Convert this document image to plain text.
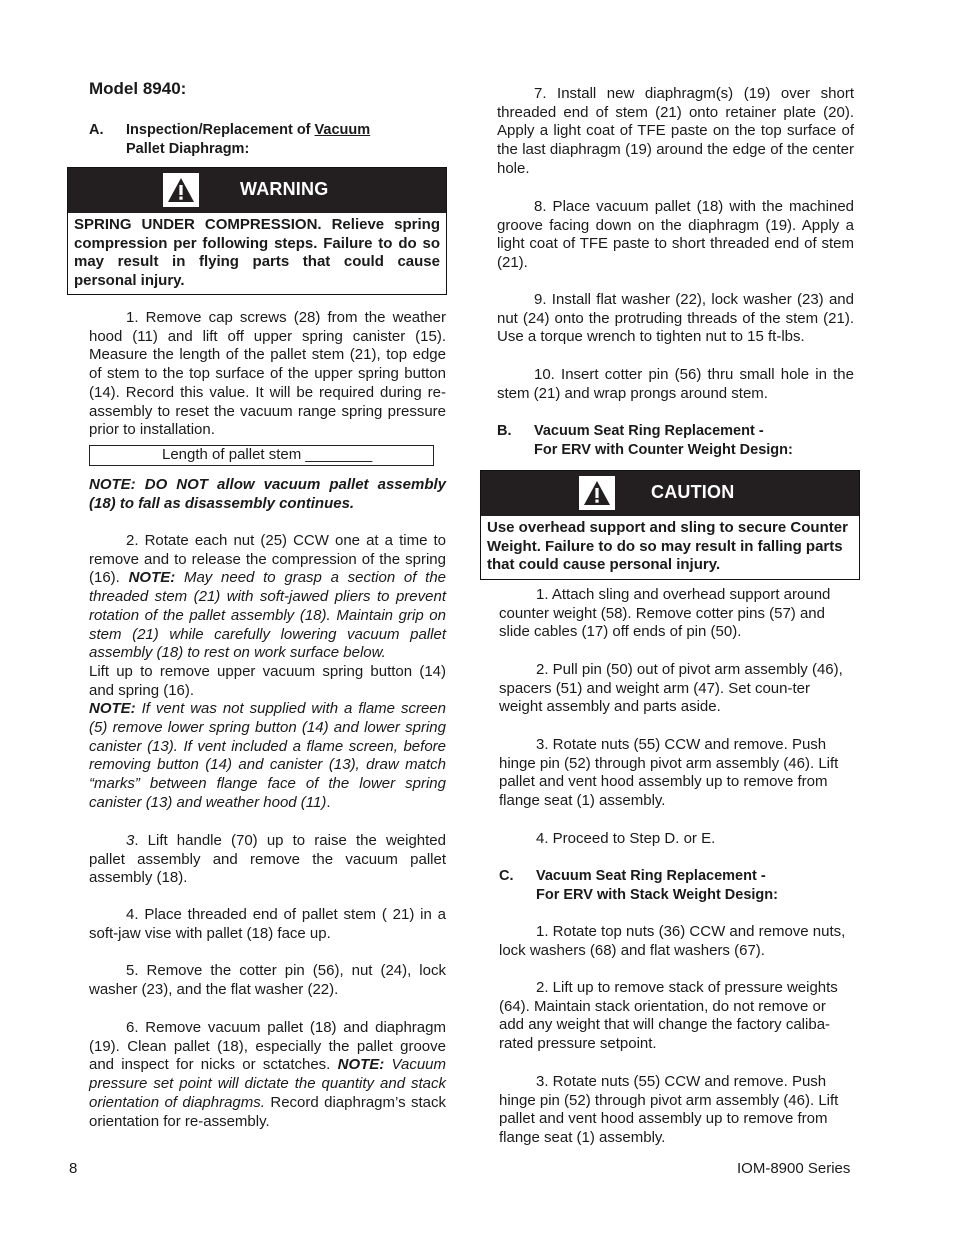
Model 8940:
A. Inspection/Replacement of Vacuum
Pallet Diaphragm:
WARNING
SPRING UNDER COMPRESSION. Relieve spring compression per following steps. Failure to do so may result in flying parts that could cause personal injury.

1. Remove cap screws (28) from the weather hood (11) and lift off upper spring canister (15). Measure the length of the pallet stem (21), top edge of stem to the top surface of the upper spring button (14). Record this value. It will be required during re-assembly to reset the vacuum range spring pressure prior to installation.

Length of pallet stem ________

NOTE: DO NOT allow vacuum pallet assembly (18) to fall as disassembly continues.

2. Rotate each nut (25) CCW one at a time to remove and to release the compression of the spring (16). NOTE: May need to grasp a section of the threaded stem (21) with soft-jawed pliers to prevent rotation of the pallet assembly (18). Maintain grip on stem (21) while carefully lowering vacuum pallet assembly (18) to rest on work surface below.

Lift up to remove upper vacuum spring button (14) and spring (16).

NOTE: If vent was not supplied with a flame screen (5) remove lower spring button (14) and lower spring canister (13). If vent included a flame screen, before removing button (14) and canister (13), draw match “marks” between flange face of the lower spring canister (13) and weather hood (11).

3. Lift handle (70) up to raise the weighted pallet assembly and remove the vacuum pallet assembly (18).

4. Place threaded end of pallet stem ( 21) in a soft-jaw vise with pallet (18) face up.

5. Remove the cotter pin (56), nut (24), lock washer (23), and the flat washer (22).

6. Remove vacuum pallet (18) and diaphragm (19). Clean pallet (18), especially the pallet groove and inspect for nicks or sctatches. NOTE: Vacuum pressure set point will dictate the quantity and stack orientation of diaphragms. Record diaphragm’s stack orientation for re-assembly.

7. Install new diaphragm(s) (19) over short threaded end of stem (21) onto retainer plate (20). Apply a light coat of TFE paste on the top surface of the last diaphragm (19) around the edge of the center hole.

8. Place vacuum pallet (18) with the machined groove facing down on the diaphragm (19). Apply a light coat of TFE paste to short threaded end of stem (21).

9. Install flat washer (22), lock washer (23) and nut (24) onto the protruding threads of the stem (21). Use a torque wrench to tighten nut to 15 ft-lbs.

10. Insert cotter pin (56) thru small hole in the stem (21) and wrap prongs around stem.

B. Vacuum Seat Ring Replacement -
For ERV with Counter Weight Design:
CAUTION
Use overhead support and sling to secure Counter Weight. Failure to do so may result in falling parts that could cause personal injury.

1. Attach sling and overhead support around counter weight (58). Remove cotter pins (57) and slide cables (17) off ends of pin (50).

2. Pull pin (50) out of pivot arm assembly (46), spacers (51) and weight arm (47). Set coun-ter weight assembly and parts aside.

3. Rotate nuts (55) CCW and remove. Push hinge pin (52) through pivot arm assembly (46). Lift pallet and vent hood assembly up to remove from flange seat (1) assembly.

4. Proceed to Step D. or E.

C. Vacuum Seat Ring Replacement -
For ERV with Stack Weight Design:

1. Rotate top nuts (36) CCW and remove nuts, lock washers (68) and flat washers (67).

2. Lift up to remove stack of pressure weights (64). Maintain stack orientation, do not remove or add any weight that will change the factory caliba-rated pressure setpoint.

3. Rotate nuts (55) CCW and remove. Push hinge pin (52) through pivot arm assembly (46). Lift pallet and vent hood assembly up to remove from flange seat (1) assembly.

8	IOM-8900 Series
